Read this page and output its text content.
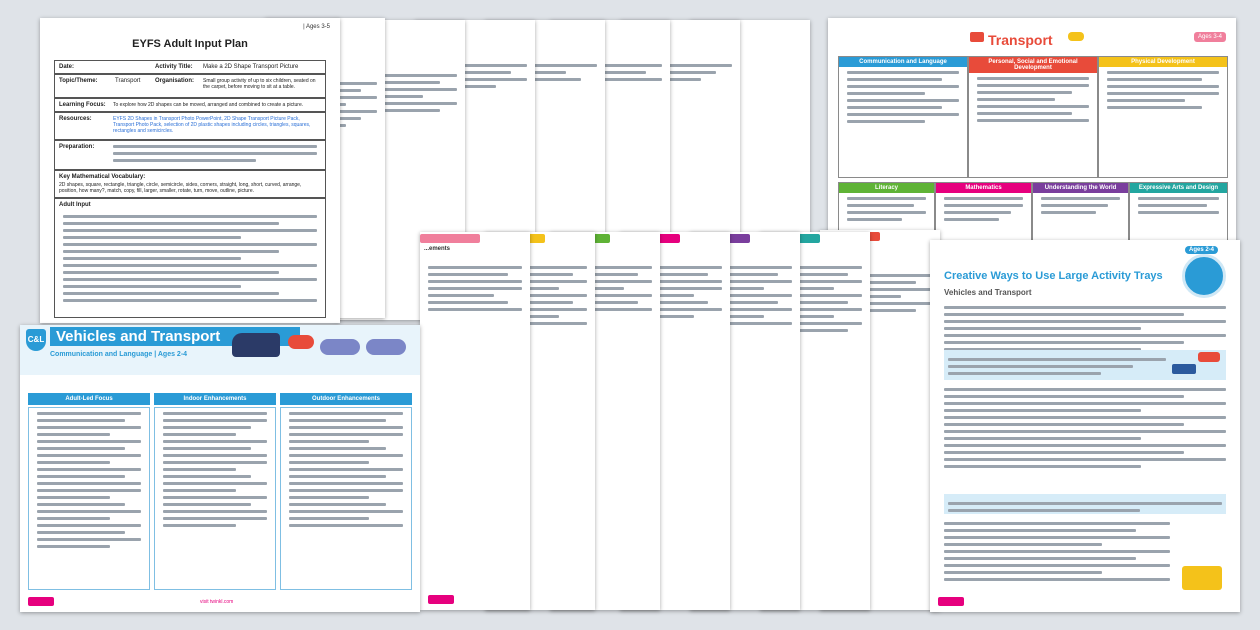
| Ages 3-5
EYFS Adult Input Plan
Date:	Activity Title: Make a 2D Shape Transport Picture
Topic/Theme:	Transport Organisation: Small group activity of up to six children, seated on the carpet, before moving to sit at a table.
Learning Focus: To explore how 2D shapes can be moved, arranged and combined to create a picture.
Resources:	EYFS 2D Shapes in Transport Photo PowerPoint, 2D Shape Transport Picture Pack, Transport Photo Pack, selection of 2D plastic shapes including circles, triangles, squares, rectangles and semicircles.
Preparation:
Key Mathematical Vocabulary:
2D shapes, square, rectangle, triangle, circle, semicircle, sides, corners, straight, long, short, curved, arrange, position, how many?, match, copy, fill, larger, smaller, rotate, turn, move, outline, picture.
Adult Input
Transport	Ages 3-4
Communication and Language	Personal, Social and Emotional Development
Physical Development
Literacy	Mathematics	Understanding the World	Expressive Arts and Design
...ements
C&L Vehicles and Transport
Communication and Language | Ages 2-4
Adult-Led Focus	Indoor Enhancements	Outdoor Enhancements
visit twinkl.com
Creative Ways to Use Large Activity Trays
Vehicles and Transport
Ages 2-4
